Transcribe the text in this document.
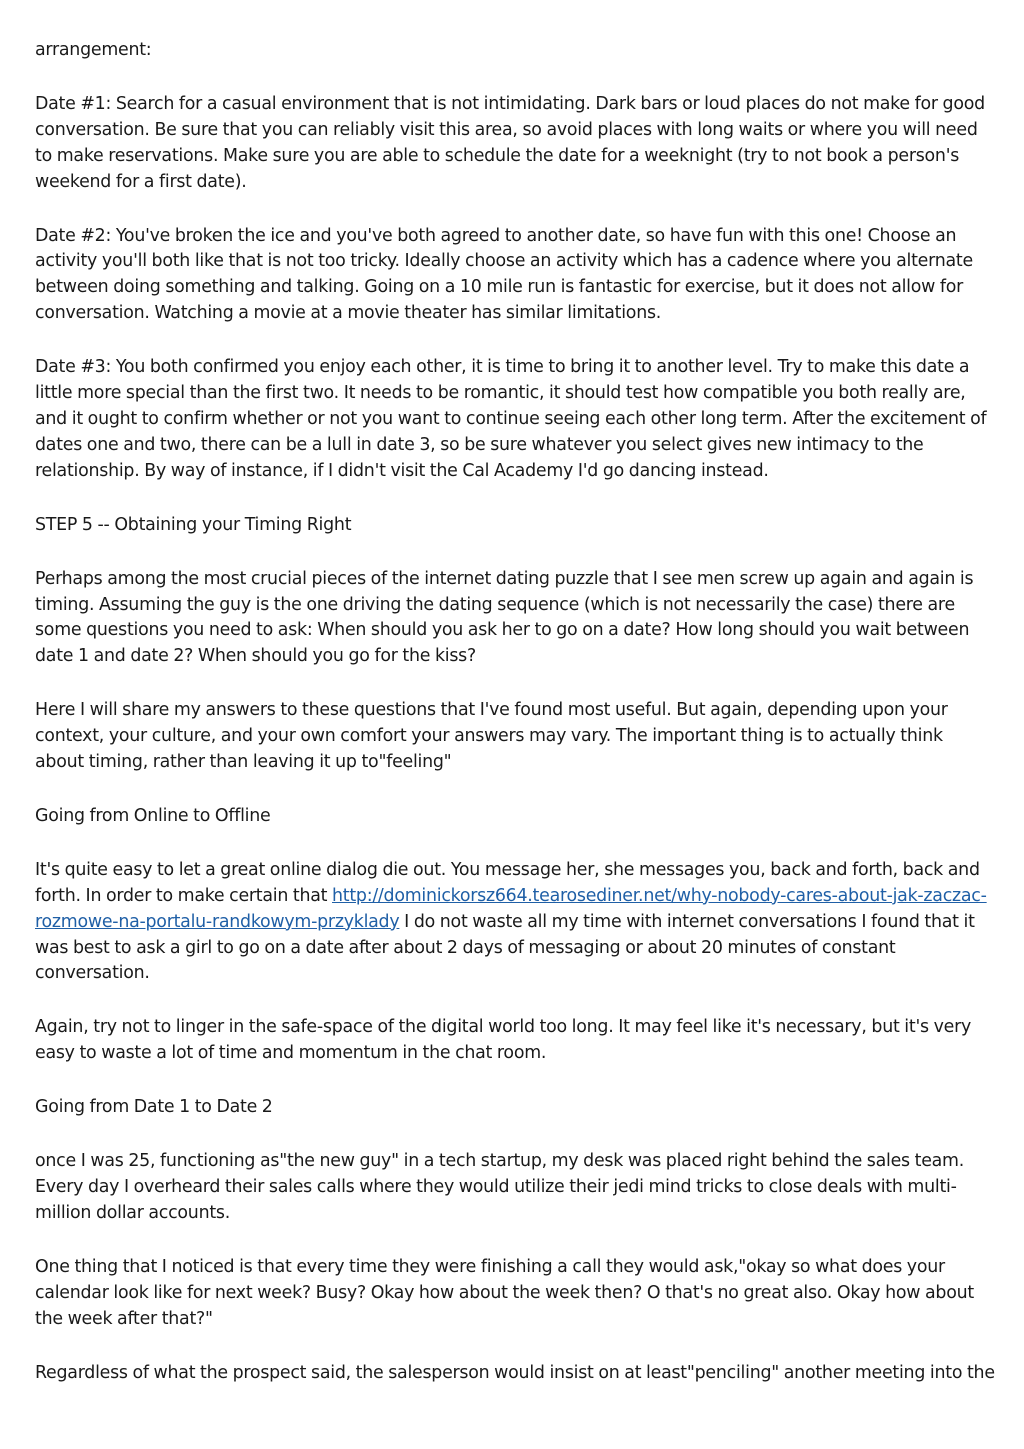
arrangement:

Date #1: Search for a casual environment that is not intimidating. Dark bars or loud places do not make for good conversation. Be sure that you can reliably visit this area, so avoid places with long waits or where you will need to make reservations. Make sure you are able to schedule the date for a weeknight (try to not book a person's weekend for a first date).

Date #2: You've broken the ice and you've both agreed to another date, so have fun with this one! Choose an activity you'll both like that is not too tricky. Ideally choose an activity which has a cadence where you alternate between doing something and talking. Going on a 10 mile run is fantastic for exercise, but it does not allow for conversation. Watching a movie at a movie theater has similar limitations.

Date #3: You both confirmed you enjoy each other, it is time to bring it to another level. Try to make this date a little more special than the first two. It needs to be romantic, it should test how compatible you both really are, and it ought to confirm whether or not you want to continue seeing each other long term. After the excitement of dates one and two, there can be a lull in date 3, so be sure whatever you select gives new intimacy to the relationship. By way of instance, if I didn't visit the Cal Academy I'd go dancing instead.

STEP 5 -- Obtaining your Timing Right

Perhaps among the most crucial pieces of the internet dating puzzle that I see men screw up again and again is timing. Assuming the guy is the one driving the dating sequence (which is not necessarily the case) there are some questions you need to ask: When should you ask her to go on a date? How long should you wait between date 1 and date 2? When should you go for the kiss?

Here I will share my answers to these questions that I've found most useful. But again, depending upon your context, your culture, and your own comfort your answers may vary. The important thing is to actually think about timing, rather than leaving it up to"feeling"

Going from Online to Offline

It's quite easy to let a great online dialog die out. You message her, she messages you, back and forth, back and forth. In order to make certain that http://dominickorsz664.tearosediner.net/why-nobody-cares-about-jak-zaczac-rozmowe-na-portalu-randkowym-przyklady I do not waste all my time with internet conversations I found that it was best to ask a girl to go on a date after about 2 days of messaging or about 20 minutes of constant conversation.

Again, try not to linger in the safe-space of the digital world too long. It may feel like it's necessary, but it's very easy to waste a lot of time and momentum in the chat room.

Going from Date 1 to Date 2

once I was 25, functioning as"the new guy" in a tech startup, my desk was placed right behind the sales team. Every day I overheard their sales calls where they would utilize their jedi mind tricks to close deals with multi-million dollar accounts.

One thing that I noticed is that every time they were finishing a call they would ask,"okay so what does your calendar look like for next week? Busy? Okay how about the week then? O that's no great also. Okay how about the week after that?"

Regardless of what the prospect said, the salesperson would insist on at least"penciling" another meeting into the
